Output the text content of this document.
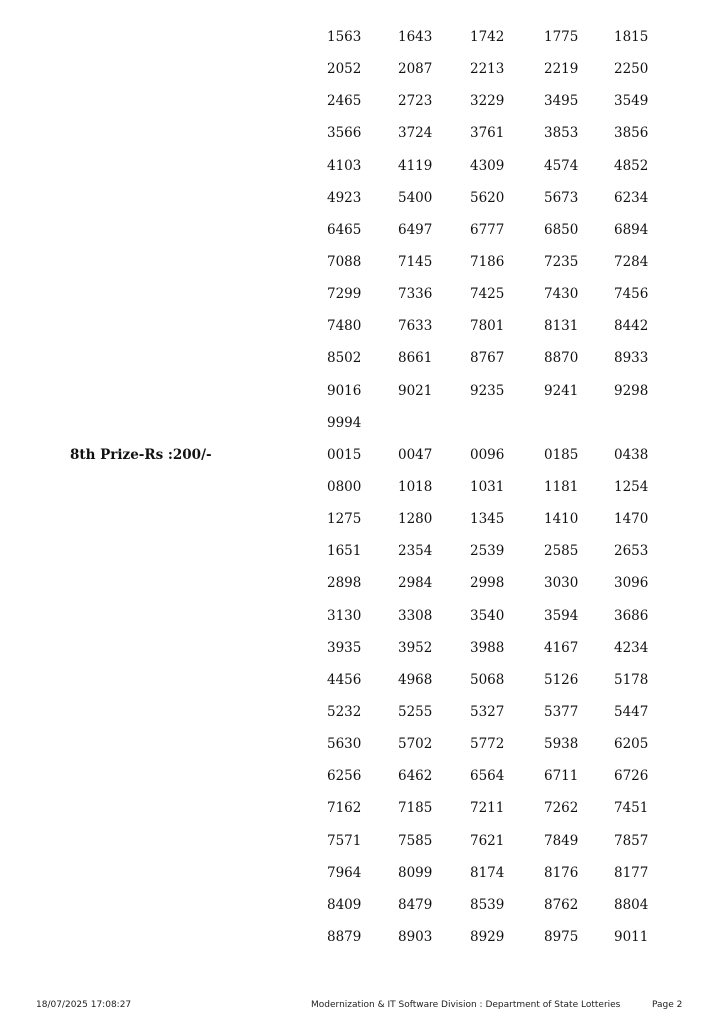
1563	1643	1742	1775	1815
2052	2087	2213	2219	2250
2465	2723	3229	3495	3549
3566	3724	3761	3853	3856
4103	4119	4309	4574	4852
4923	5400	5620	5673	6234
6465	6497	6777	6850	6894
7088	7145	7186	7235	7284
7299	7336	7425	7430	7456
7480	7633	7801	8131	8442
8502	8661	8767	8870	8933
9016	9021	9235	9241	9298
9994
8th Prize-Rs :200/-	0015	0047	0096	0185	0438
0800	1018	1031	1181	1254
1275	1280	1345	1410	1470
1651	2354	2539	2585	2653
2898	2984	2998	3030	3096
3130	3308	3540	3594	3686
3935	3952	3988	4167	4234
4456	4968	5068	5126	5178
5232	5255	5327	5377	5447
5630	5702	5772	5938	6205
6256	6462	6564	6711	6726
7162	7185	7211	7262	7451
7571	7585	7621	7849	7857
7964	8099	8174	8176	8177
8409	8479	8539	8762	8804
8879	8903	8929	8975	9011
18/07/2025 17:08:27	Modernization & IT Software Division : Department of State Lotteries	Page 2
